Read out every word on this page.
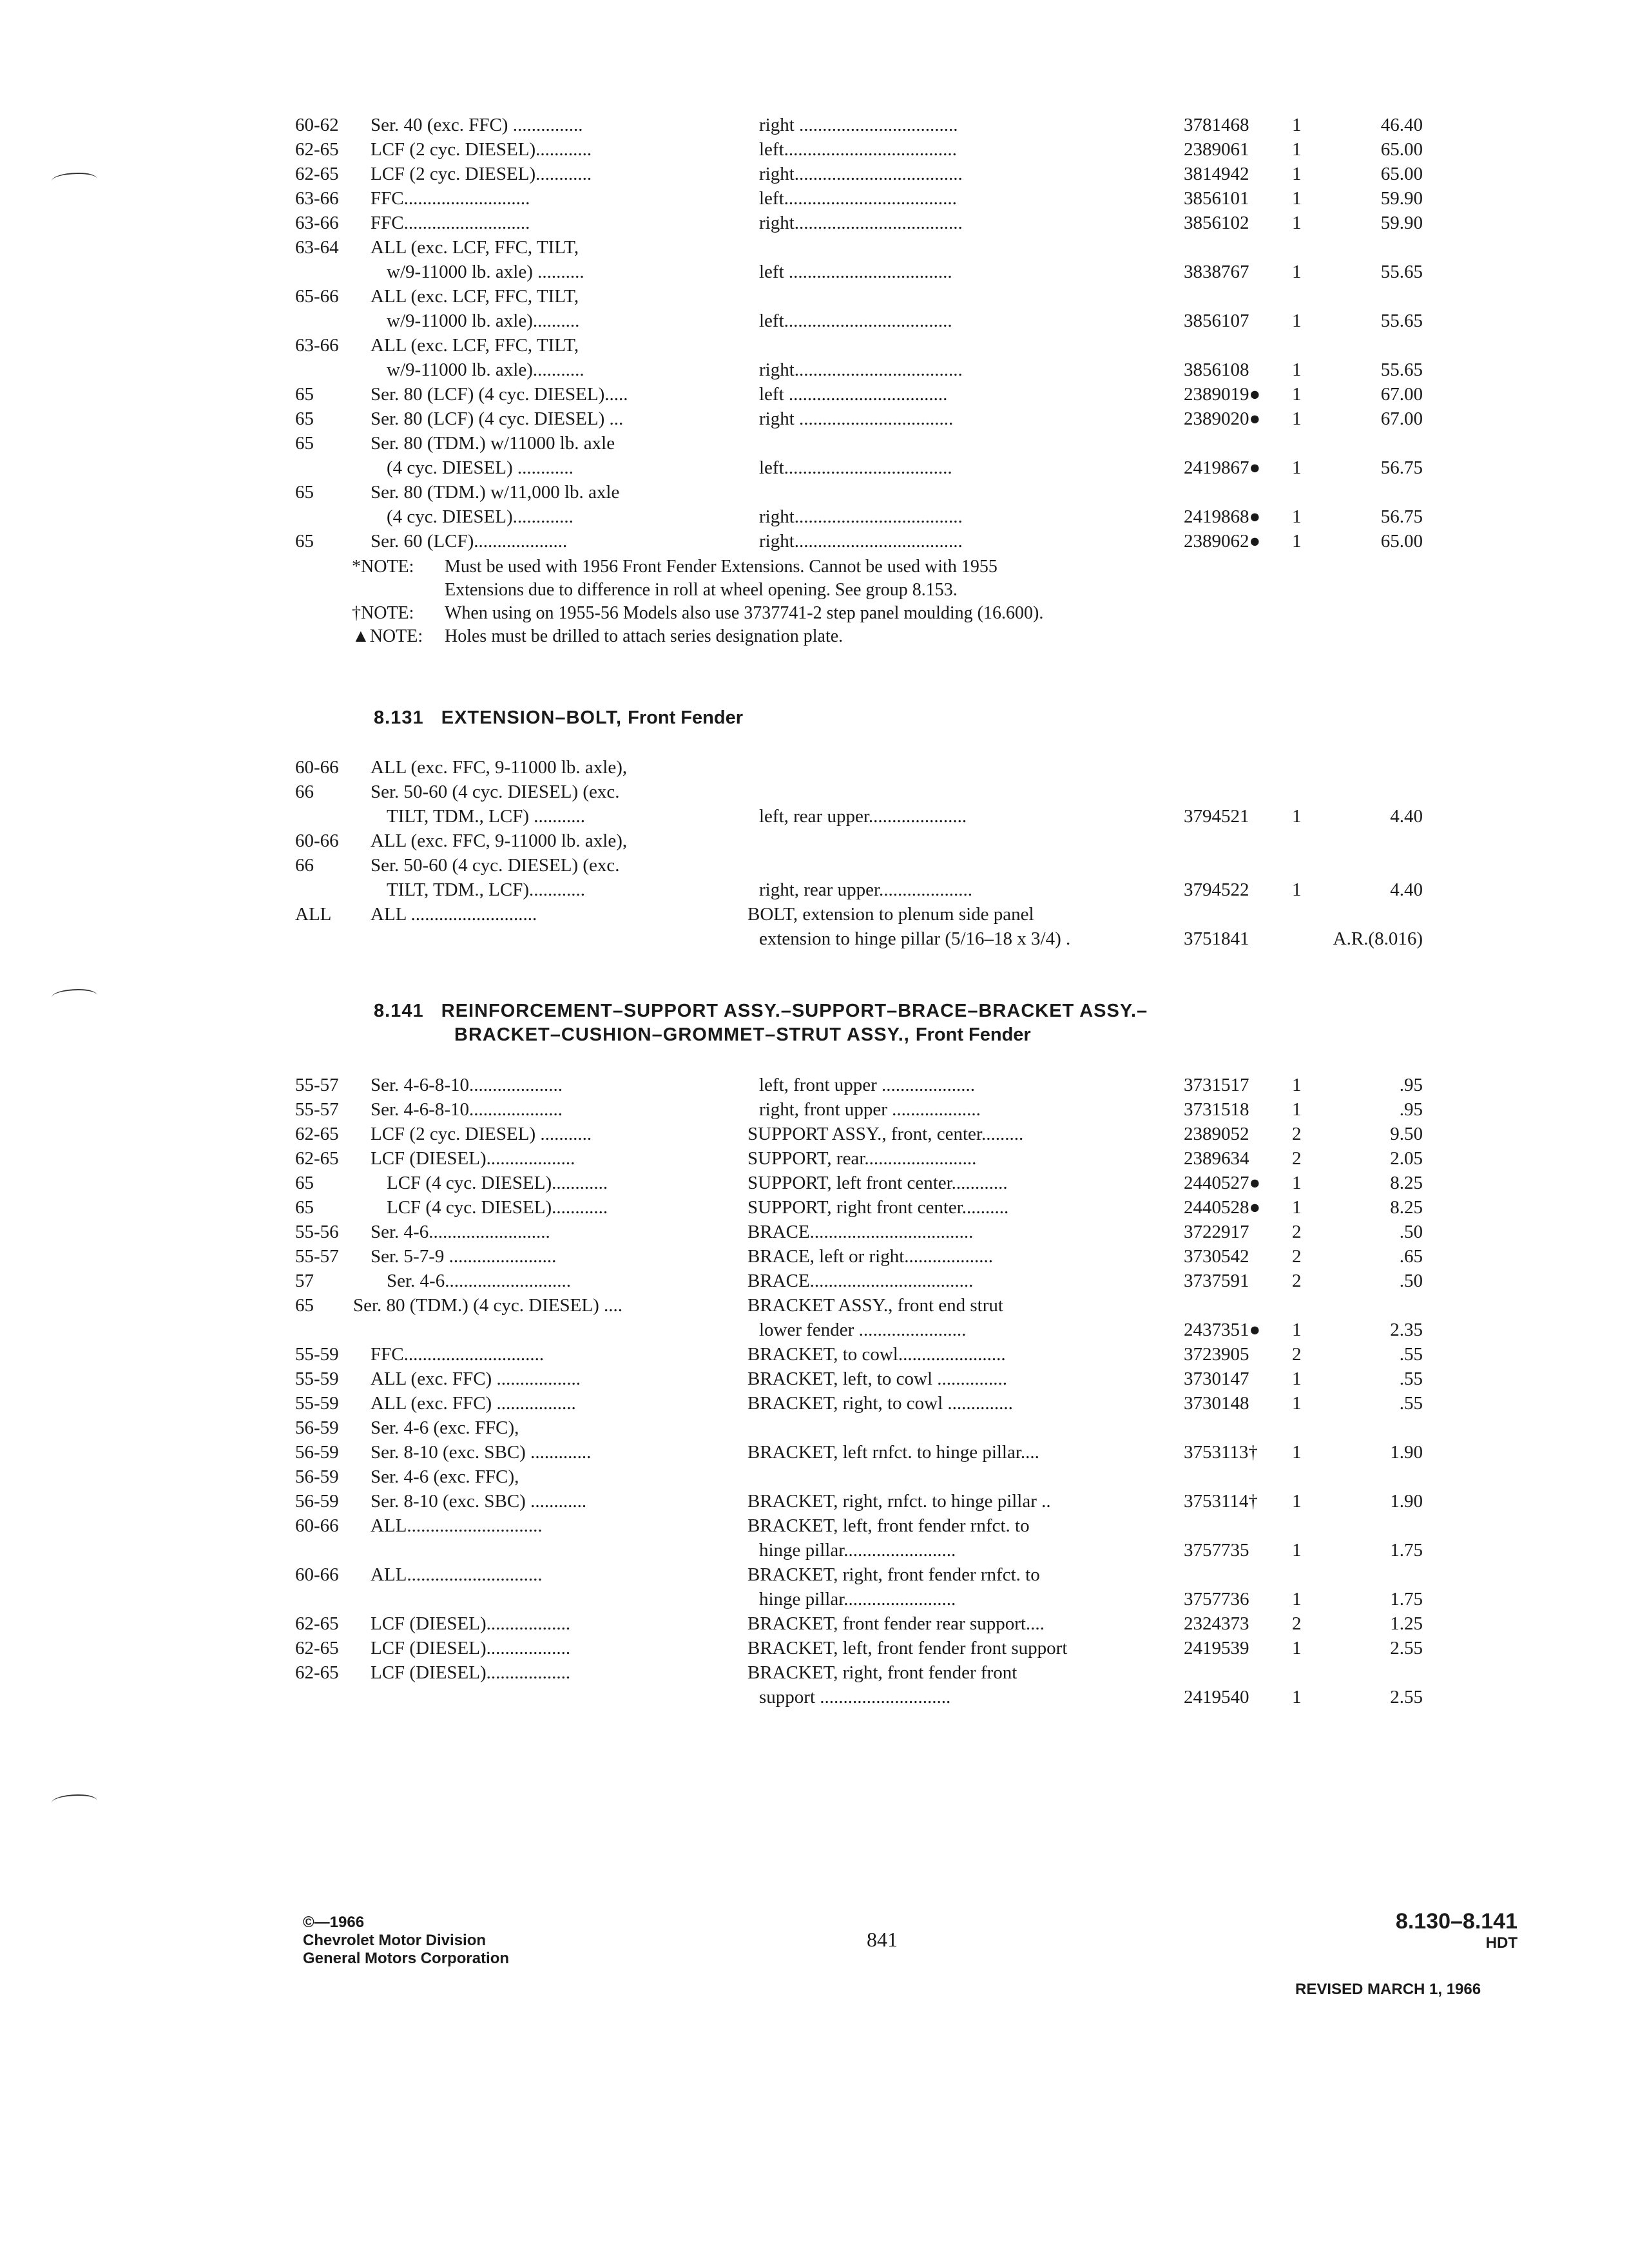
60-62 Ser. 40 (exc. FFC) ...............	right ..................................	3781468 1	46.40
62-65 LCF (2 cyc. DIESEL)............	left.....................................	2389061 1	65.00
62-65 LCF (2 cyc. DIESEL)............	right....................................	3814942 1	65.00
63-66 FFC...........................	left.....................................	3856101 1	59.90
63-66 FFC...........................	right....................................	3856102 1	59.90
63-64 ALL (exc. LCF, FFC, TILT,
w/9-11000 lb. axle) ..........	left ...................................	3838767 1	55.65
65-66 ALL (exc. LCF, FFC, TILT,
w/9-11000 lb. axle)..........	left....................................	3856107 1	55.65
63-66 ALL (exc. LCF, FFC, TILT,
w/9-11000 lb. axle)...........	right....................................	3856108 1	55.65
65	Ser. 80 (LCF) (4 cyc. DIESEL).....	left ..................................	2389019● 1	67.00
65	Ser. 80 (LCF) (4 cyc. DIESEL) ...	right .................................	2389020● 1	67.00
65	Ser. 80 (TDM.) w/11000 lb. axle
(4 cyc. DIESEL) ............	left....................................	2419867● 1	56.75
65	Ser. 80 (TDM.) w/11,000 lb. axle
(4 cyc. DIESEL).............	right....................................	2419868● 1	56.75
65	Ser. 60 (LCF)....................	right....................................	2389062● 1	65.00
*NOTE: Must be used with 1956 Front Fender Extensions. Cannot be used with 1955
Extensions due to difference in roll at wheel opening. See group 8.153.
†NOTE: When using on 1955-56 Models also use 3737741-2 step panel moulding (16.600).
▲NOTE: Holes must be drilled to attach series designation plate.
8.131 EXTENSION–BOLT, Front Fender
60-66 ALL (exc. FFC, 9-11000 lb. axle),
66	Ser. 50-60 (4 cyc. DIESEL) (exc.
TILT, TDM., LCF) ...........	left, rear upper.....................	3794521 1	4.40
60-66 ALL (exc. FFC, 9-11000 lb. axle),
66	Ser. 50-60 (4 cyc. DIESEL) (exc.
TILT, TDM., LCF)............	right, rear upper....................	3794522 1	4.40
ALL ALL ...........................	BOLT, extension to plenum side panel
extension to hinge pillar (5/16–18 x 3/4) .	3751841	A.R.(8.016)
8.141 REINFORCEMENT–SUPPORT ASSY.–SUPPORT–BRACE–BRACKET ASSY.–
BRACKET–CUSHION–GROMMET–STRUT ASSY., Front Fender
55-57 Ser. 4-6-8-10....................	left, front upper ....................	3731517 1	.95
55-57 Ser. 4-6-8-10....................	right, front upper ...................	3731518 1	.95
62-65 LCF (2 cyc. DIESEL) ...........	SUPPORT ASSY., front, center.........	2389052 2	9.50
62-65 LCF (DIESEL)...................	SUPPORT, rear........................	2389634 2	2.05
65	LCF (4 cyc. DIESEL)............	SUPPORT, left front center............	2440527● 1	8.25
65	LCF (4 cyc. DIESEL)............	SUPPORT, right front center..........	2440528● 1	8.25
55-56 Ser. 4-6..........................	BRACE...................................	3722917 2	.50
55-57 Ser. 5-7-9 .......................	BRACE, left or right...................	3730542 2	.65
57	Ser. 4-6...........................	BRACE...................................	3737591 2	.50
65 Ser. 80 (TDM.) (4 cyc. DIESEL) ....	BRACKET ASSY., front end strut
lower fender .......................	2437351● 1	2.35
55-59 FFC..............................	BRACKET, to cowl.......................	3723905 2	.55
55-59 ALL (exc. FFC) ..................	BRACKET, left, to cowl ...............	3730147 1	.55
55-59 ALL (exc. FFC) .................	BRACKET, right, to cowl ..............	3730148 1	.55
56-59 Ser. 4-6 (exc. FFC),
56-59 Ser. 8-10 (exc. SBC) .............	BRACKET, left rnfct. to hinge pillar....	3753113† 1	1.90
56-59 Ser. 4-6 (exc. FFC),
56-59 Ser. 8-10 (exc. SBC) ............	BRACKET, right, rnfct. to hinge pillar ..	3753114† 1	1.90
60-66 ALL.............................	BRACKET, left, front fender rnfct. to
hinge pillar........................	3757735 1	1.75
60-66 ALL.............................	BRACKET, right, front fender rnfct. to
hinge pillar........................	3757736 1	1.75
62-65 LCF (DIESEL)..................	BRACKET, front fender rear support....	2324373 2	1.25
62-65 LCF (DIESEL)..................	BRACKET, left, front fender front support	2419539 1	2.55
62-65 LCF (DIESEL)..................	BRACKET, right, front fender front
support ............................	2419540 1	2.55
©—1966
Chevrolet Motor Division
General Motors Corporation
841
8.130–8.141
HDT
REVISED MARCH 1, 1966
